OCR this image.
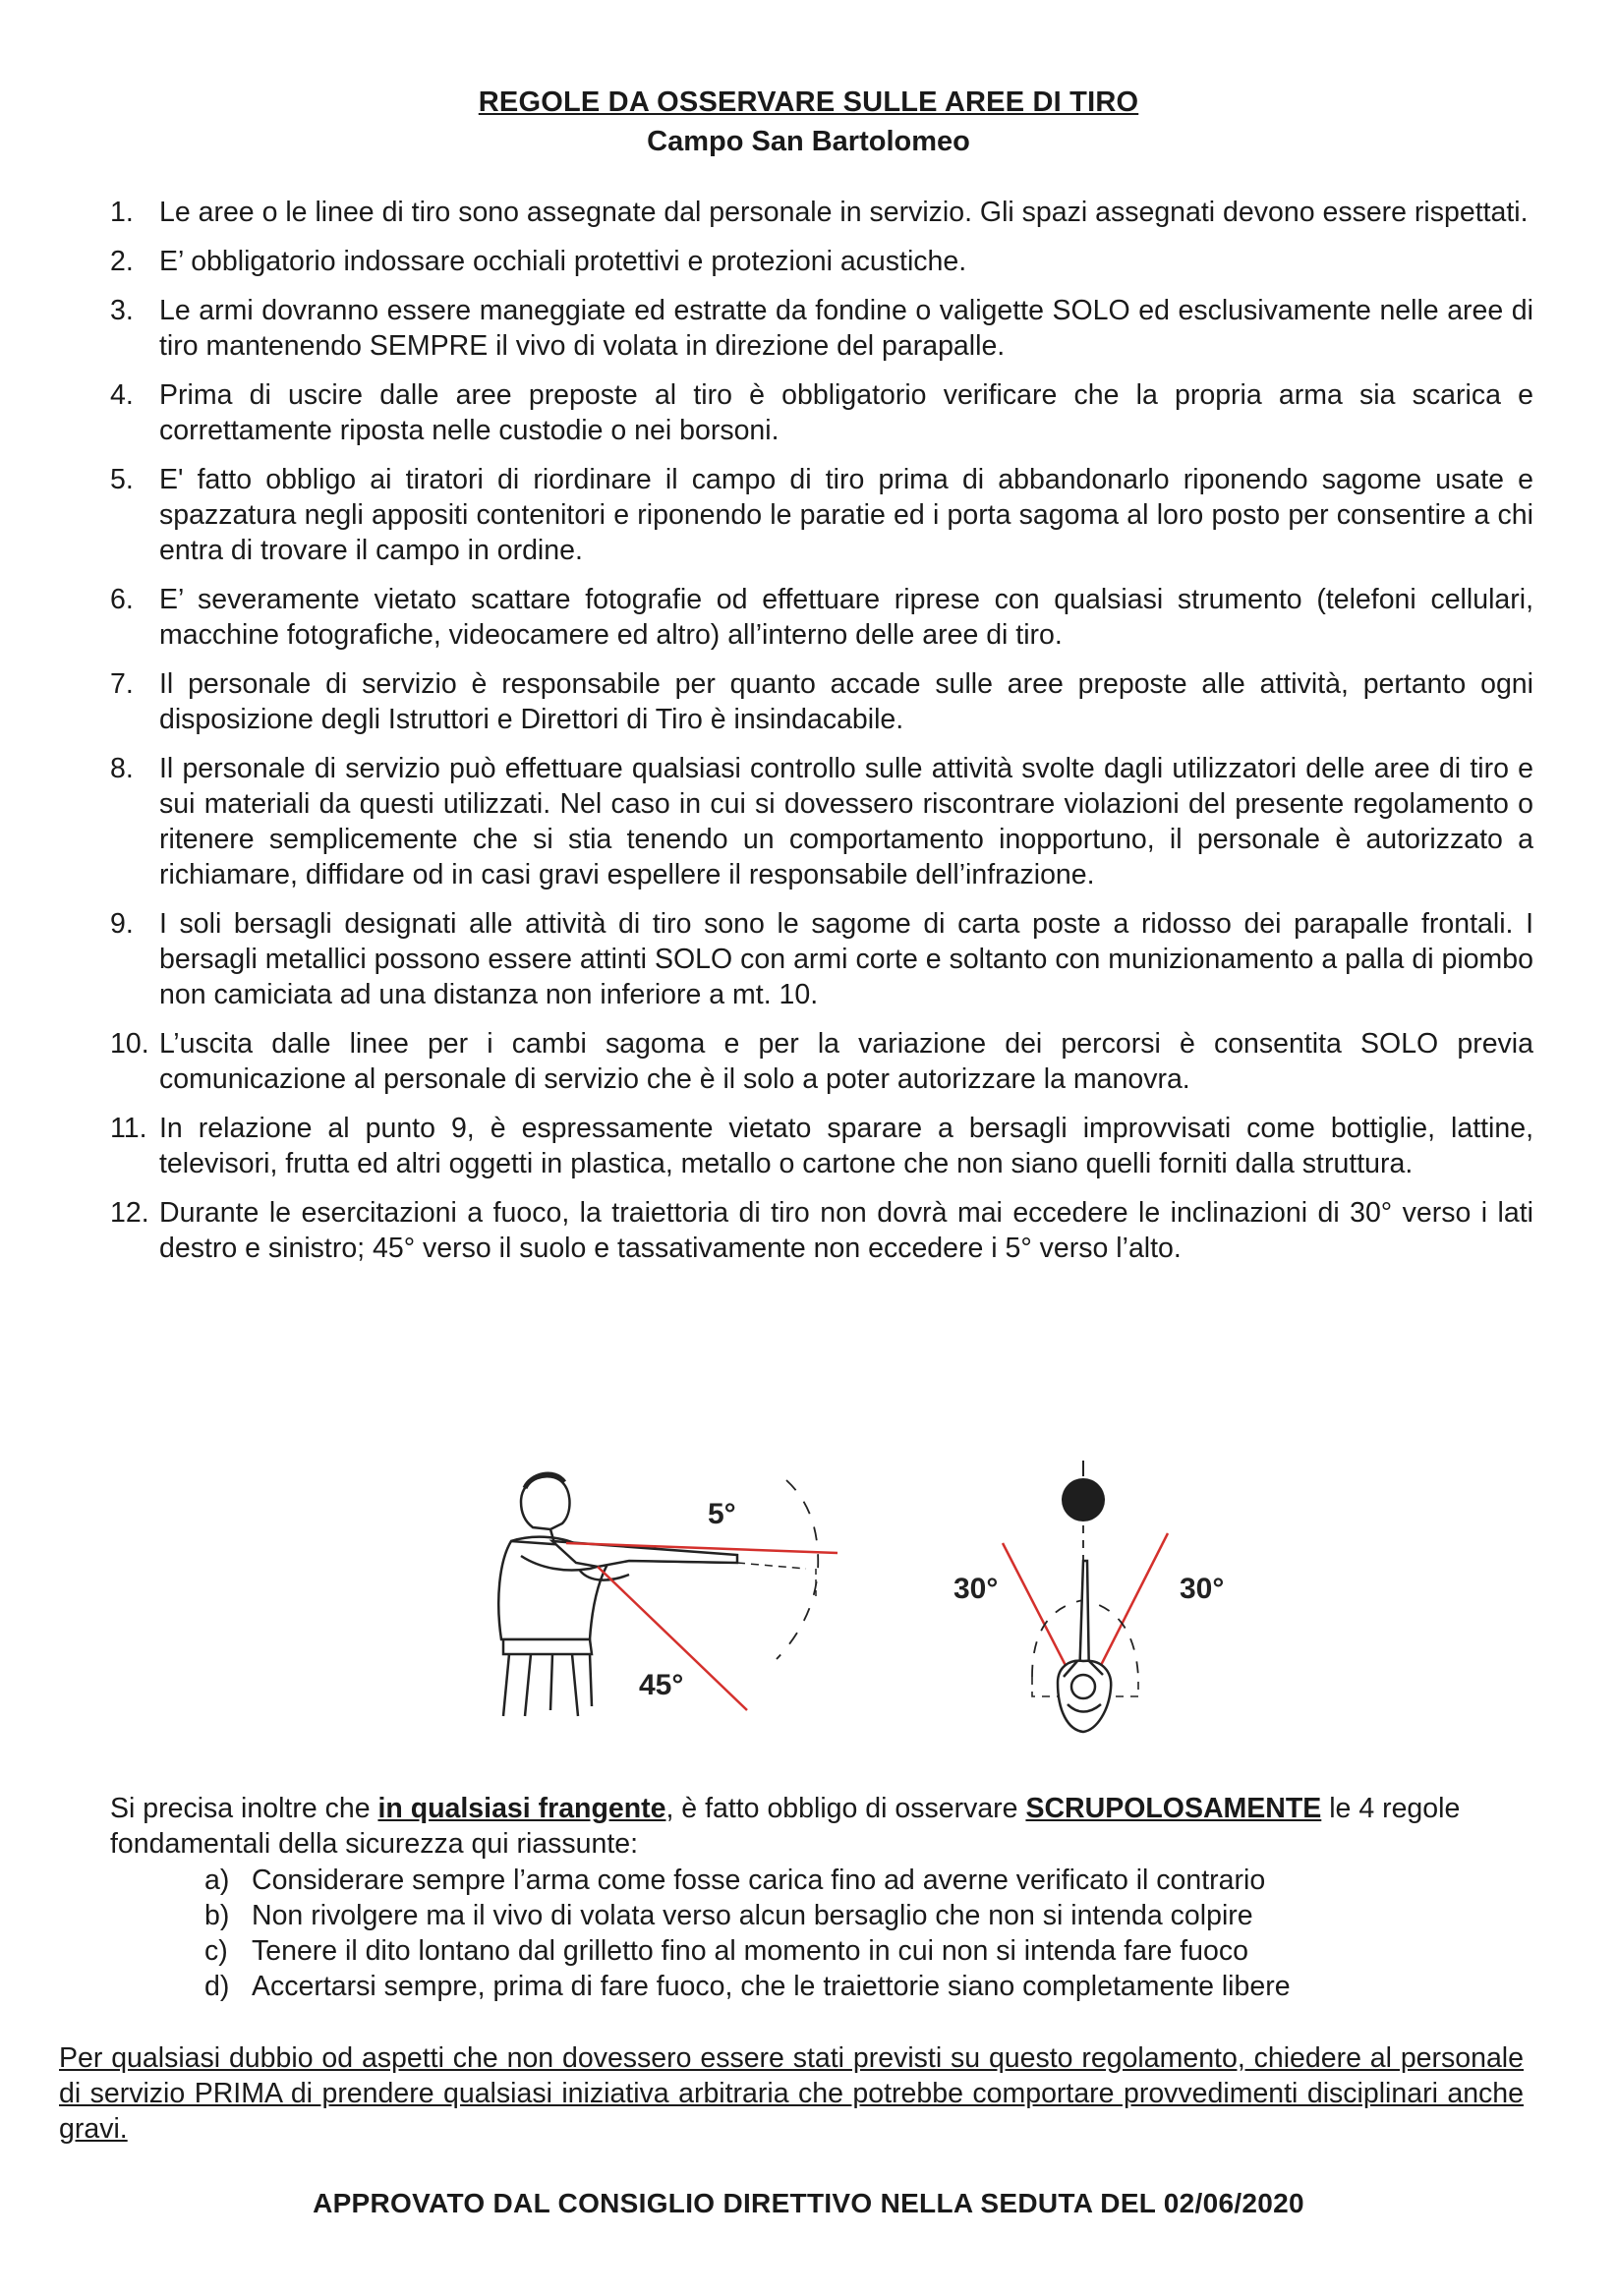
REGOLE DA OSSERVARE SULLE AREE DI TIRO
Campo San Bartolomeo
1. Le aree o le linee di tiro sono assegnate dal personale in servizio. Gli spazi assegnati devono essere rispettati.
2. E’ obbligatorio indossare occhiali protettivi e protezioni acustiche.
3. Le armi dovranno essere maneggiate ed estratte da fondine o valigette SOLO ed esclusivamente nelle aree di tiro mantenendo SEMPRE il vivo di volata in direzione del parapalle.
4. Prima di uscire dalle aree preposte al tiro è obbligatorio verificare che la propria arma sia scarica e correttamente riposta nelle custodie o nei borsoni.
5. E' fatto obbligo ai tiratori di riordinare il campo di tiro prima di abbandonarlo riponendo sagome usate e spazzatura negli appositi contenitori e riponendo le paratie ed i porta sagoma al loro posto per consentire a chi entra di trovare il campo in ordine.
6. E’ severamente vietato scattare fotografie od effettuare riprese con qualsiasi strumento (telefoni cellulari, macchine fotografiche, videocamere ed altro) all’interno delle aree di tiro.
7. Il personale di servizio è responsabile per quanto accade sulle aree preposte alle attività, pertanto ogni disposizione degli Istruttori e Direttori di Tiro è insindacabile.
8. Il personale di servizio può effettuare qualsiasi controllo sulle attività svolte dagli utilizzatori delle aree di tiro e sui materiali da questi utilizzati. Nel caso in cui si dovessero riscontrare violazioni del presente regolamento o ritenere semplicemente che si stia tenendo un comportamento inopportuno, il personale è autorizzato a richiamare, diffidare od in casi gravi espellere il responsabile dell’infrazione.
9. I soli bersagli designati alle attività di tiro sono le sagome di carta poste a ridosso dei parapalle frontali. I bersagli metallici possono essere attinti SOLO con armi corte e soltanto con munizionamento a palla di piombo non camiciata ad una distanza non inferiore a mt. 10.
10. L’uscita dalle linee per i cambi sagoma e per la variazione dei percorsi è consentita SOLO previa comunicazione al personale di servizio che è il solo a poter autorizzare la manovra.
11. In relazione al punto 9, è espressamente vietato sparare a bersagli improvvisati come bottiglie, lattine, televisori, frutta ed altri oggetti in plastica, metallo o cartone che non siano quelli forniti dalla struttura.
12. Durante le esercitazioni a fuoco, la traiettoria di tiro non dovrà mai eccedere le inclinazioni di 30° verso i lati destro e sinistro; 45° verso il suolo e tassativamente non eccedere i 5° verso l’alto.
5°
45°
30°	30°
Si precisa inoltre che in qualsiasi frangente, è fatto obbligo di osservare SCRUPOLOSAMENTE le 4 regole fondamentali della sicurezza qui riassunte:
a) Considerare sempre l’arma come fosse carica fino ad averne verificato il contrario
b) Non rivolgere ma il vivo di volata verso alcun bersaglio che non si intenda colpire
c) Tenere il dito lontano dal grilletto fino al momento in cui non si intenda fare fuoco
d) Accertarsi sempre, prima di fare fuoco, che le traiettorie siano completamente libere
Per qualsiasi dubbio od aspetti che non dovessero essere stati previsti su questo regolamento, chiedere al personale di servizio PRIMA di prendere qualsiasi iniziativa arbitraria che potrebbe comportare provvedimenti disciplinari anche gravi.
APPROVATO DAL CONSIGLIO DIRETTIVO NELLA SEDUTA DEL 02/06/2020
